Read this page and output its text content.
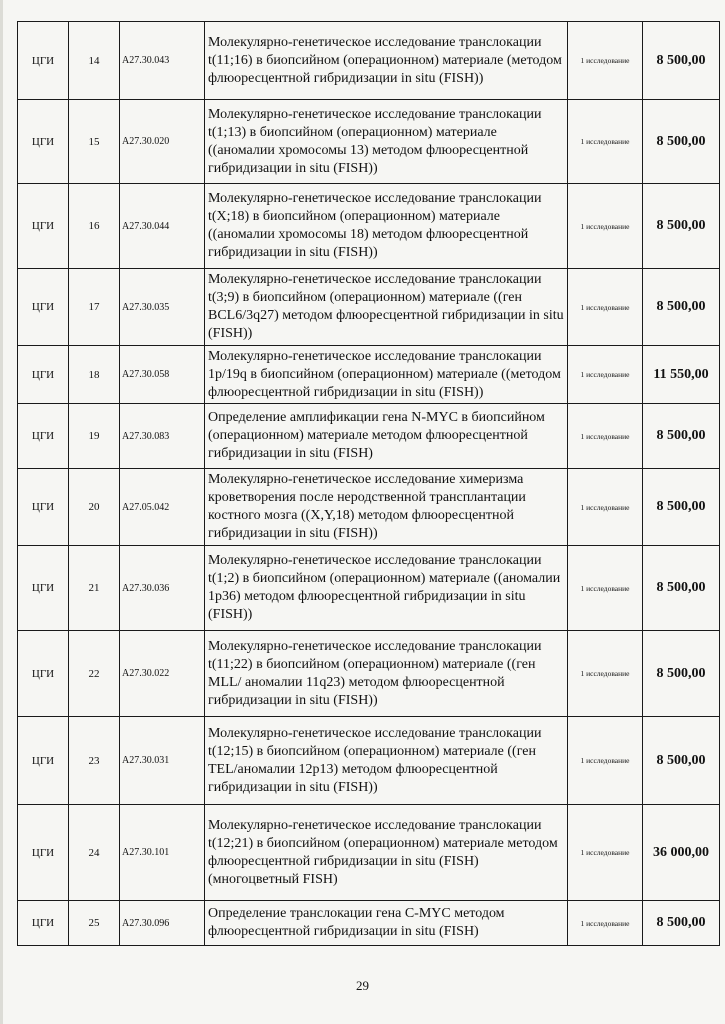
ЦГИ	14	A27.30.043	Молекулярно-генетическое исследование транслокации t(11;16) в биопсийном (операционном) материале (методом флюоресцентной гибридизации in situ (FISH))	1 исследование	8 500,00
ЦГИ	15	A27.30.020	Молекулярно-генетическое исследование транслокации t(1;13) в биопсийном (операционном) материале ((аномалии хромосомы 13) методом флюоресцентной гибридизации in situ (FISH))	1 исследование	8 500,00
ЦГИ	16	A27.30.044	Молекулярно-генетическое исследование транслокации t(X;18) в биопсийном (операционном) материале ((аномалии хромосомы 18) методом флюоресцентной гибридизации in situ (FISH))	1 исследование	8 500,00
ЦГИ	17	A27.30.035	Молекулярно-генетическое исследование транслокации t(3;9) в биопсийном (операционном) материале ((ген BCL6/3q27) методом флюоресцентной гибридизации in situ (FISH))	1 исследование	8 500,00
ЦГИ	18	A27.30.058	Молекулярно-генетическое исследование транслокации 1p/19q в биопсийном (операционном) материале ((методом флюоресцентной гибридизации in situ (FISH))	1 исследование	11 550,00
ЦГИ	19	A27.30.083	Определение амплификации гена N-MYC в биопсийном (операционном) материале методом флюоресцентной гибридизации in situ (FISH)	1 исследование	8 500,00
ЦГИ	20	A27.05.042	Молекулярно-генетическое исследование химеризма кроветворения после неродственной трансплантации костного мозга ((X,Y,18) методом флюоресцентной гибридизации in situ (FISH))	1 исследование	8 500,00
ЦГИ	21	A27.30.036	Молекулярно-генетическое исследование транслокации t(1;2) в биопсийном (операционном) материале ((аномалии 1p36) методом флюоресцентной гибридизации in situ (FISH))	1 исследование	8 500,00
ЦГИ	22	A27.30.022	Молекулярно-генетическое исследование транслокации t(11;22) в биопсийном (операционном) материале ((ген MLL/ аномалии 11q23) методом флюоресцентной гибридизации in situ (FISH))	1 исследование	8 500,00
ЦГИ	23	A27.30.031	Молекулярно-генетическое исследование транслокации t(12;15) в биопсийном (операционном) материале ((ген TEL/аномалии 12p13) методом флюоресцентной гибридизации in situ (FISH))	1 исследование	8 500,00
ЦГИ	24	A27.30.101	Молекулярно-генетическое исследование транслокации t(12;21) в биопсийном (операционном) материале методом флюоресцентной гибридизации in situ (FISH) (многоцветный FISH)	1 исследование	36 000,00
ЦГИ	25	A27.30.096	Определение транслокации гена C-MYC методом флюоресцентной гибридизации in situ (FISH)	1 исследование	8 500,00
29
